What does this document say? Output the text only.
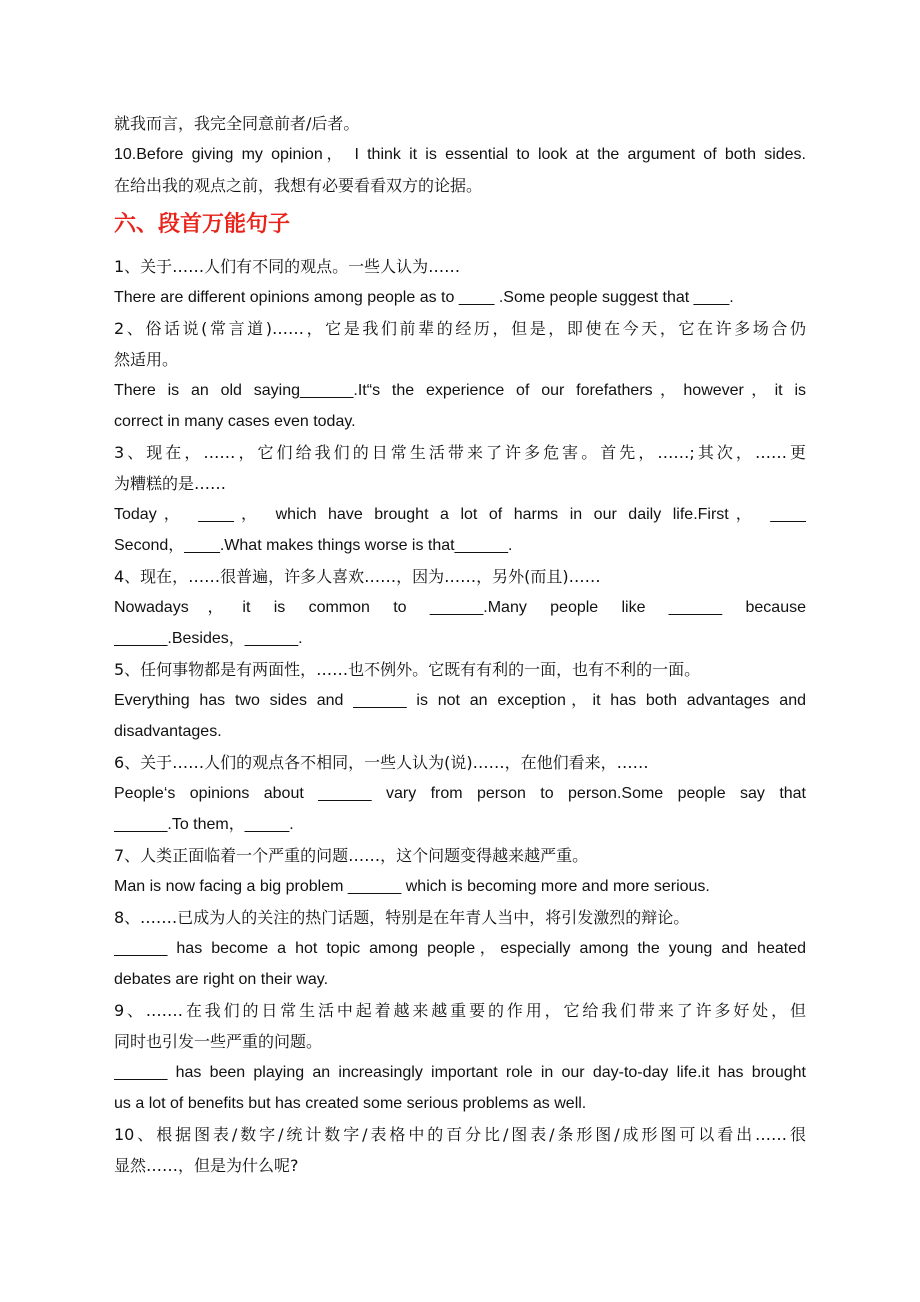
就我而言，我完全同意前者/后者。
10.Before giving my opinion， I think it is essential to look at the argument of both sides.
在给出我的观点之前，我想有必要看看双方的论据。
六、段首万能句子
1、关于……人们有不同的观点。一些人认为……
There are different opinions among people as to ____ .Some people suggest that ____.
2、俗话说(常言道)……，它是我们前辈的经历，但是，即使在今天，它在许多场合仍
然适用。
There is an old saying______.It“s the experience of our forefathers，however，it is
correct in many cases even today.
3、现在，……，它们给我们的日常生活带来了许多危害。首先，……;其次，……更
为糟糕的是……
Today， ____， which have brought a lot of harms in our daily life.First， ____
Second，____.What makes things worse is that______.
4、现在，……很普遍，许多人喜欢……，因为……，另外(而且)……
Nowadays，it is common to ______.Many people like ______ because
______.Besides，______.
5、任何事物都是有两面性，……也不例外。它既有有利的一面，也有不利的一面。
Everything has two sides and ______ is not an exception，it has both advantages and
disadvantages.
6、关于……人们的观点各不相同，一些人认为(说)……，在他们看来，……
People‘s opinions about ______ vary from person to person.Some people say that
______.To them，_____.
7、人类正面临着一个严重的问题……，这个问题变得越来越严重。
Man is now facing a big problem ______ which is becoming more and more serious.
8、.……已成为人的关注的热门话题，特别是在年青人当中，将引发激烈的辩论。
______ has become a hot topic among people，especially among the young and heated
debates are right on their way.
9、.……在我们的日常生活中起着越来越重要的作用，它给我们带来了许多好处，但
同时也引发一些严重的问题。
______ has been playing an increasingly important role in our day-to-day life.it has brought
us a lot of benefits but has created some serious problems as well.
10、根据图表/数字/统计数字/表格中的百分比/图表/条形图/成形图可以看出……很
显然……，但是为什么呢?
